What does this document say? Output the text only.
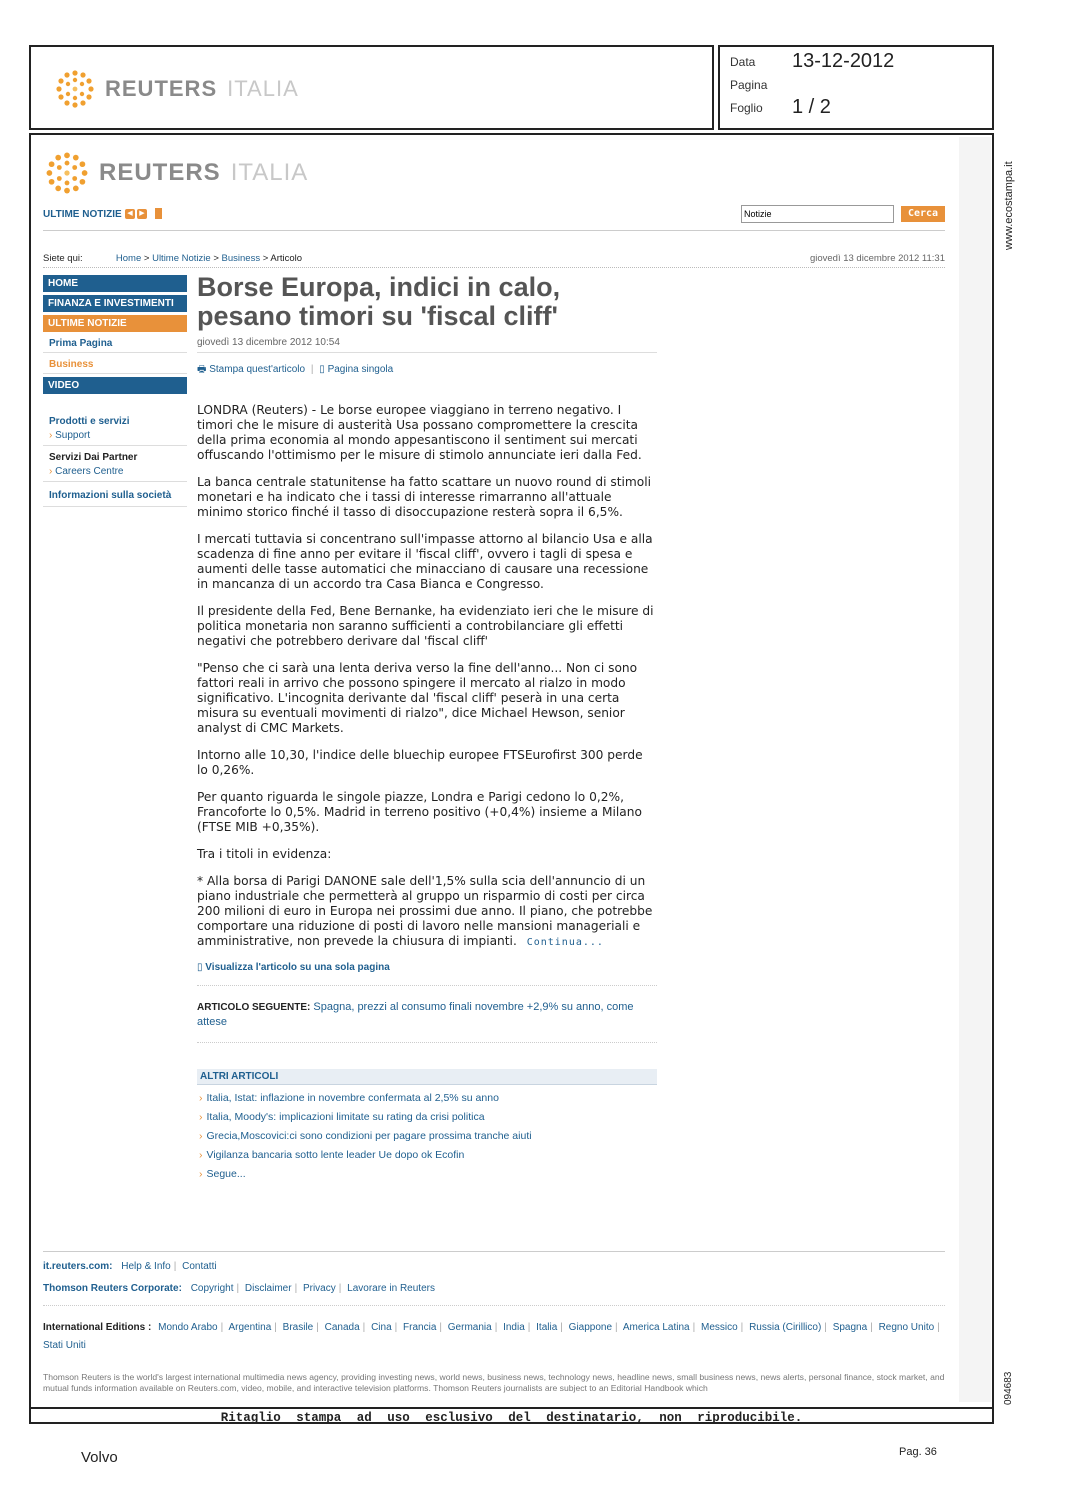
REUTERS ITALIA
Data 13-12-2012
Pagina
Foglio 1 / 2
www.ecostampa.it
094683
REUTERS ITALIA
ULTIME NOTIZIE ◀ ▶
Notizie	Cerca
Siete qui:	Home > Ultime Notizie > Business > Articolo	giovedì 13 dicembre 2012 11:31
HOME
FINANZA E INVESTIMENTI
ULTIME NOTIZIE
Prima Pagina
Business
VIDEO
Prodotti e servizi
› Support
Servizi Dai Partner
› Careers Centre
Informazioni sulla società
Borse Europa, indici in calo,
pesano timori su 'fiscal cliff'
giovedì 13 dicembre 2012 10:54
🖶 Stampa quest'articolo | ▯ Pagina singola

LONDRA (Reuters) - Le borse europee viaggiano in terreno negativo. I timori che le misure di austerità Usa possano compromettere la crescita della prima economia al mondo appesantiscono il sentiment sui mercati offuscando l'ottimismo per le misure di stimolo annunciate ieri dalla Fed.

La banca centrale statunitense ha fatto scattare un nuovo round di stimoli monetari e ha indicato che i tassi di interesse rimarranno all'attuale minimo storico finché il tasso di disoccupazione resterà sopra il 6,5%.

I mercati tuttavia si concentrano sull'impasse attorno al bilancio Usa e alla scadenza di fine anno per evitare il 'fiscal cliff', ovvero i tagli di spesa e aumenti delle tasse automatici che minacciano di causare una recessione in mancanza di un accordo tra Casa Bianca e Congresso.

Il presidente della Fed, Bene Bernanke, ha evidenziato ieri che le misure di politica monetaria non saranno sufficienti a controbilanciare gli effetti negativi che potrebbero derivare dal 'fiscal cliff'

"Penso che ci sarà una lenta deriva verso la fine dell'anno... Non ci sono fattori reali in arrivo che possono spingere il mercato al rialzo in modo significativo. L'incognita derivante dal 'fiscal cliff' peserà in una certa misura su eventuali movimenti di rialzo", dice Michael Hewson, senior analyst di CMC Markets.

Intorno alle 10,30, l'indice delle bluechip europee FTSEurofirst 300 perde lo 0,26%.

Per quanto riguarda le singole piazze, Londra e Parigi cedono lo 0,2%, Francoforte lo 0,5%. Madrid in terreno positivo (+0,4%) insieme a Milano (FTSE MIB +0,35%).

Tra i titoli in evidenza:

* Alla borsa di Parigi DANONE sale dell'1,5% sulla scia dell'annuncio di un piano industriale che permetterà al gruppo un risparmio di costi per circa 200 milioni di euro in Europa nei prossimi due anno. Il piano, che potrebbe comportare una riduzione di posti di lavoro nelle mansioni manageriali e amministrative, non prevede la chiusura di impianti. Continua...

▯ Visualizza l'articolo su una sola pagina
ARTICOLO SEGUENTE: Spagna, prezzi al consumo finali novembre +2,9% su anno, come attese
ALTRI ARTICOLI
› Italia, Istat: inflazione in novembre confermata al 2,5% su anno
› Italia, Moody's: implicazioni limitate su rating da crisi politica
› Grecia,Moscovici:ci sono condizioni per pagare prossima tranche aiuti
› Vigilanza bancaria sotto lente leader Ue dopo ok Ecofin
› Segue...
it.reuters.com: Help & Info | Contatti
Thomson Reuters Corporate: Copyright | Disclaimer | Privacy | Lavorare in Reuters
International Editions : Mondo Arabo | Argentina | Brasile | Canada | Cina | Francia | Germania | India | Italia | Giappone | America Latina | Messico | Russia (Cirillico) | Spagna | Regno Unito | Stati Uniti
Thomson Reuters is the world's largest international multimedia news agency, providing investing news, world news, business news, technology news, headline news, small business news, news alerts, personal finance, stock market, and mutual funds information available on Reuters.com, video, mobile, and interactive television platforms. Thomson Reuters journalists are subject to an Editorial Handbook which
Ritaglio stampa ad uso esclusivo del destinatario, non riproducibile.
Volvo	Pag. 36
